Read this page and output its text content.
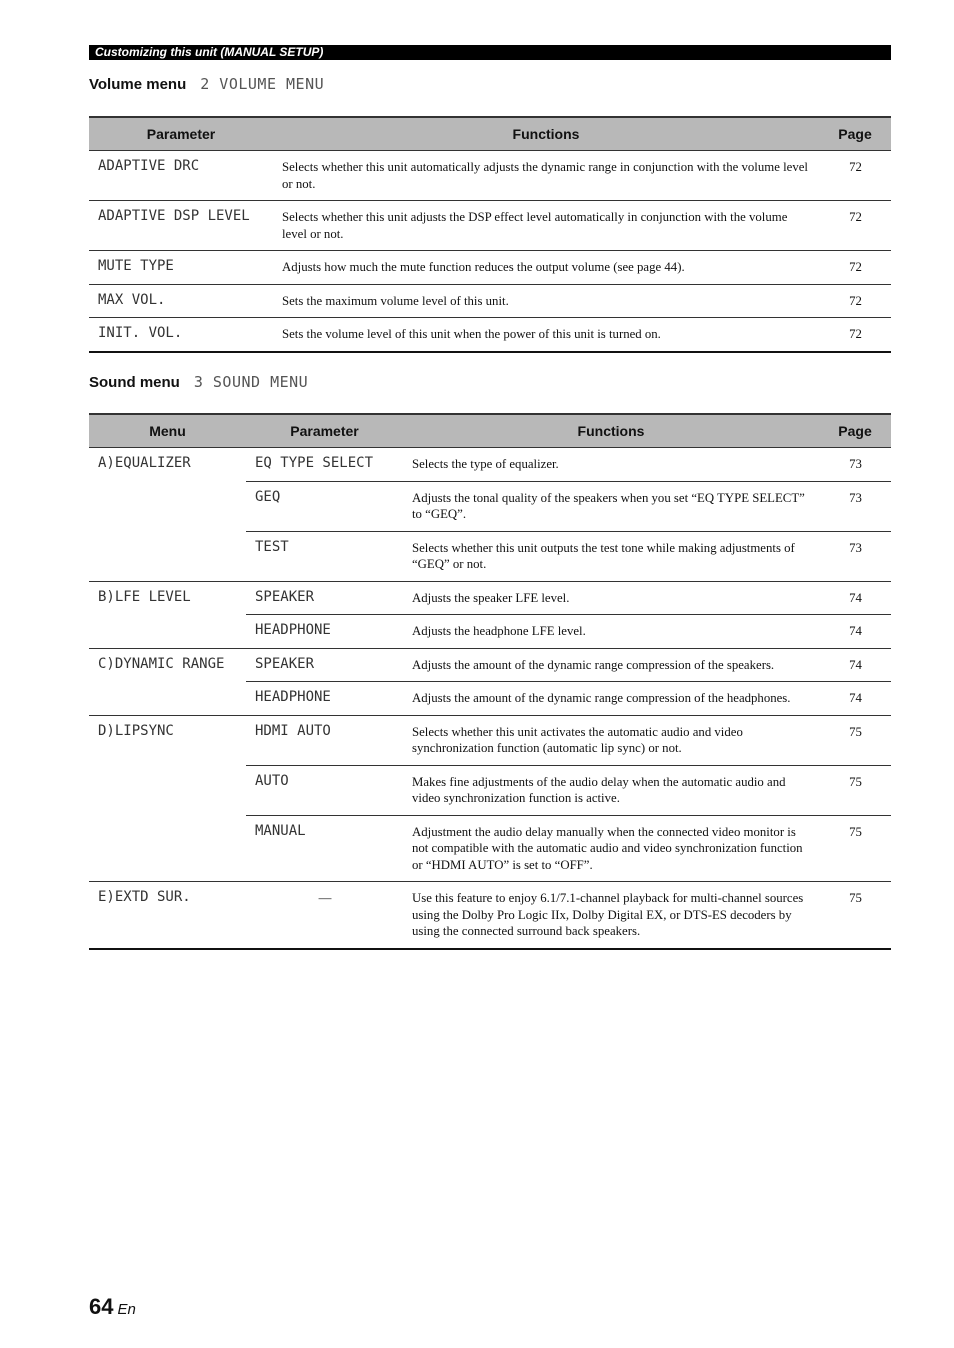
Customizing this unit (MANUAL SETUP)
Volume menu 2 VOLUME MENU
Parameter	Functions	Page
ADAPTIVE DRC	Selects whether this unit automatically adjusts the dynamic range in conjunction with the volume level or not.	72
ADAPTIVE DSP LEVEL	Selects whether this unit adjusts the DSP effect level automatically in conjunction with the volume level or not.	72
MUTE TYPE	Adjusts how much the mute function reduces the output volume (see page 44).	72
MAX VOL.	Sets the maximum volume level of this unit.	72
INIT. VOL.	Sets the volume level of this unit when the power of this unit is turned on.	72
Sound menu 3 SOUND MENU
Menu	Parameter	Functions	Page
A)EQUALIZER	EQ TYPE SELECT	Selects the type of equalizer.	73
	GEQ	Adjusts the tonal quality of the speakers when you set “EQ TYPE SELECT” to “GEQ”.	73
	TEST	Selects whether this unit outputs the test tone while making adjustments of “GEQ” or not.	73
B)LFE LEVEL	SPEAKER	Adjusts the speaker LFE level.	74
	HEADPHONE	Adjusts the headphone LFE level.	74
C)DYNAMIC RANGE	SPEAKER	Adjusts the amount of the dynamic range compression of the speakers.	74
	HEADPHONE	Adjusts the amount of the dynamic range compression of the headphones.	74
D)LIPSYNC	HDMI AUTO	Selects whether this unit activates the automatic audio and video synchronization function (automatic lip sync) or not.	75
	AUTO	Makes fine adjustments of the audio delay when the automatic audio and video synchronization function is active.	75
	MANUAL	Adjustment the audio delay manually when the connected video monitor is not compatible with the automatic audio and video synchronization function or “HDMI AUTO” is set to “OFF”.	75
E)EXTD SUR.	—	Use this feature to enjoy 6.1/7.1-channel playback for multi-channel sources using the Dolby Pro Logic IIx, Dolby Digital EX, or DTS-ES decoders by using the connected surround back speakers.	75
64 En
